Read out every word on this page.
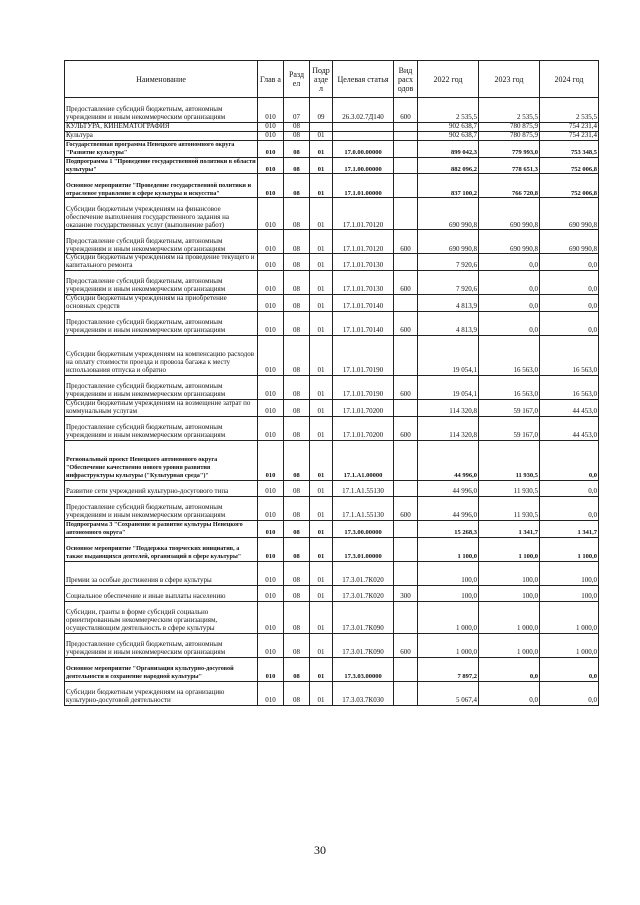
Наименование	Глав а	Разд ел	Подр азде л	Целевая статья	Вид расх одов	2022 год	2023 год	2024 год
Предоставление субсидий бюджетным, автономным учреждениям и иным некоммерческим организациям	010	07	09	26.3.02.7Д140	600	2 535,5	2 535,5	2 535,5
КУЛЬТУРА, КИНЕМАТОГРАФИЯ	010	08				902 638,7	780 875,9	754 231,4
Культура	010	08	01			902 638,7	780 875,9	754 231,4
Государственная программа Ненецкого автономного округа "Развитие культуры"	010	08	01	17.0.00.00000		899 042,3	779 993,0	753 348,5
Подпрограмма 1 "Проведение государственной политики в области культуры"	010	08	01	17.1.00.00000		882 096,2	778 651,3	752 006,8
Основное мероприятие "Проведение государственной политики и отраслевое управление в сфере культуры и искусства"	010	08	01	17.1.01.00000		837 100,2	766 720,8	752 006,8
Субсидии бюджетным учреждениям на финансовое обеспечение выполнения государственного задания на оказание государственных услуг (выполнение работ)	010	08	01	17.1.01.70120		690 990,8	690 990,8	690 990,8
Предоставление субсидий бюджетным, автономным учреждениям и иным некоммерческим организациям	010	08	01	17.1.01.70120	600	690 990,8	690 990,8	690 990,8
Субсидии бюджетным учреждениям на проведение текущего и капитального ремонта	010	08	01	17.1.01.70130		7 920,6	0,0	0,0
Предоставление субсидий бюджетным, автономным учреждениям и иным некоммерческим организациям	010	08	01	17.1.01.70130	600	7 920,6	0,0	0,0
Субсидии бюджетным учреждениям на приобретение основных средств	010	08	01	17.1.01.70140		4 813,9	0,0	0,0
Предоставление субсидий бюджетным, автономным учреждениям и иным некоммерческим организациям	010	08	01	17.1.01.70140	600	4 813,9	0,0	0,0
Субсидии бюджетным учреждениям на компенсацию расходов на оплату стоимости проезда и провоза багажа к месту использования отпуска и обратно	010	08	01	17.1.01.70190		19 054,1	16 563,0	16 563,0
Предоставление субсидий бюджетным, автономным учреждениям и иным некоммерческим организациям	010	08	01	17.1.01.70190	600	19 054,1	16 563,0	16 563,0
Субсидии бюджетным учреждениям на возмещение затрат по коммунальным услугам	010	08	01	17.1.01.70200		114 320,8	59 167,0	44 453,0
Предоставление субсидий бюджетным, автономным учреждениям и иным некоммерческим организациям	010	08	01	17.1.01.70200	600	114 320,8	59 167,0	44 453,0
Региональный проект Ненецкого автономного округа "Обеспечение качественно нового уровня развития инфраструктуры культуры ("Культурная среда")"	010	08	01	17.1.A1.00000		44 996,0	11 930,5	0,0
Развитие сети учреждений культурно-досугового типа	010	08	01	17.1.A1.55130		44 996,0	11 930,5	0,0
Предоставление субсидий бюджетным, автономным учреждениям и иным некоммерческим организациям	010	08	01	17.1.A1.55130	600	44 996,0	11 930,5	0,0
Подпрограмма 3 "Сохранение и развитие культуры Ненецкого автономного округа"	010	08	01	17.3.00.00000		15 268,3	1 341,7	1 341,7
Основное мероприятие "Поддержка творческих инициатив, а также выдающихся деятелей, организаций в сфере культуры"	010	08	01	17.3.01.00000		1 100,0	1 100,0	1 100,0
Премии за особые достижения в сфере культуры	010	08	01	17.3.01.7К020		100,0	100,0	100,0
Социальное обеспечение и иные выплаты населению	010	08	01	17.3.01.7К020	300	100,0	100,0	100,0
Субсидии, гранты в форме субсидий социально ориентированным некоммерческим организациям, осуществляющим деятельность в сфере культуры	010	08	01	17.3.01.7К090		1 000,0	1 000,0	1 000,0
Предоставление субсидий бюджетным, автономным учреждениям и иным некоммерческим организациям	010	08	01	17.3.01.7К090	600	1 000,0	1 000,0	1 000,0
Основное мероприятие "Организация культурно-досуговой деятельности и сохранение народной культуры"	010	08	01	17.3.03.00000		7 897,2	0,0	0,0
Субсидии бюджетным учреждениям на организацию культурно-досуговой деятельности	010	08	01	17.3.03.7К030		5 067,4	0,0	0,0
30
